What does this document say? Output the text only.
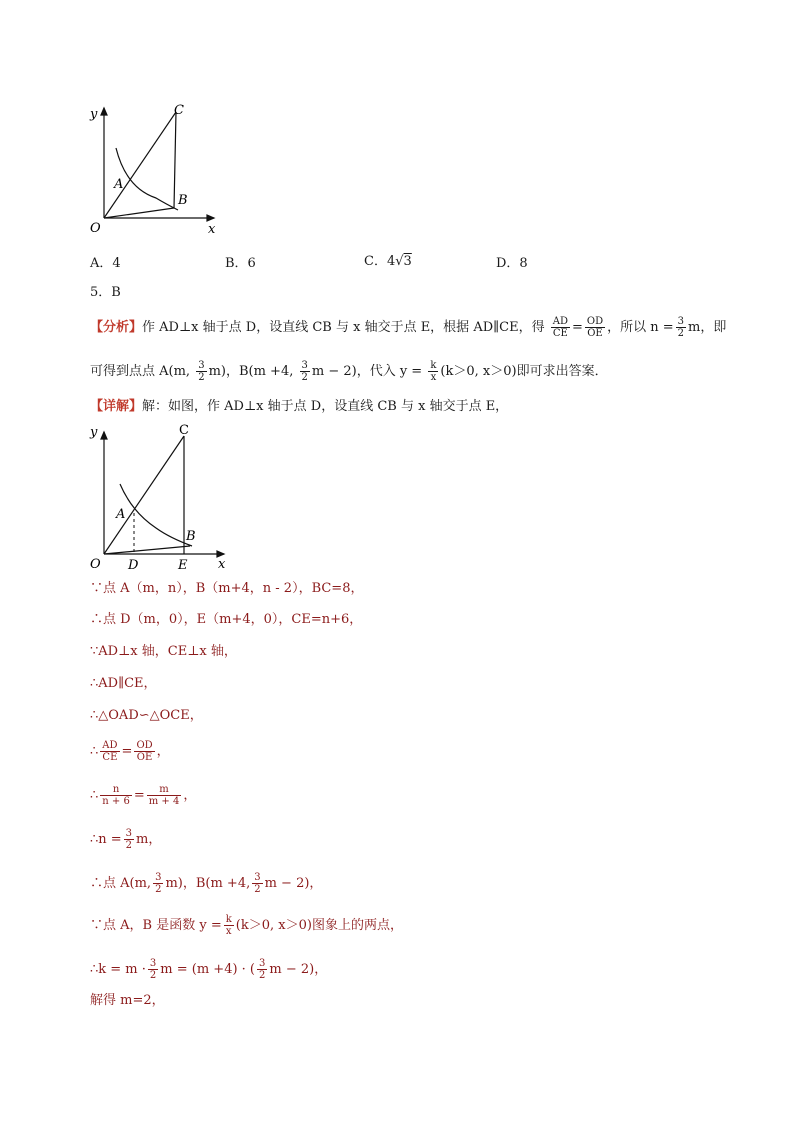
y	C
A
B
O	x
A．4	B．6	C．4√3	D．8
5．B
【分析】作 AD⊥x 轴于点 D，设直线 CB 与 x 轴交于点 E，根据 AD∥CE，得 $\frac{AD}{CE} = \frac{OD}{OE}$ ，所以 $n = \frac{3}{2}$ m，即
可得到点点 A(m, $\frac{3}{2} m$)，B(m +4, $\frac{3}{2}$ m − 2)，代入 $y = \frac{k}{x} (k>0$, x＞0)即可求出答案．
【详解】解：如图，作 AD⊥x 轴于点 D，设直线 CB 与 x 轴交于点 E，
y	C
A
B
O D	E x
∵点 A（m，n），B（m+4，n - 2），BC=8，
∴点 D（m，0），E（m+4，0），CE=n+6，
∵AD⊥x 轴，CE⊥x 轴，
∴AD∥CE，
∴△OAD∽△OCE，
∴ $\frac{AD}{CE} = \frac{OD}{OE}$ ，
∴ $\frac{n}{n + 6} = \frac{m}{m + 4}$ ，
∴n = $\frac{3}{2}$ m，
∴点 A(m, $\frac{3}{2} m$)，B(m +4, $\frac{3}{2}$ m − 2)，
∵点 A，B 是函数 $y = \frac{k}{x} (k>0$, x＞0)图象上的两点，
∴k = $m \cdot \frac{3}{2}$ m = (m +4) · ( $\frac{3}{2}$ m − 2)，
解得 m=2，
